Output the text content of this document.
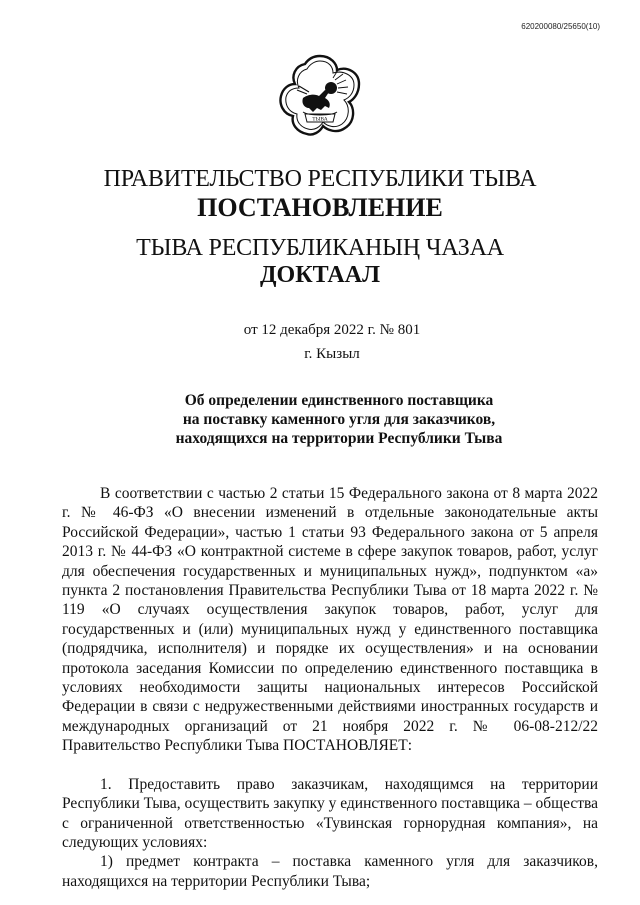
620200080/25650(10)
ТЫВА
ПРАВИТЕЛЬСТВО РЕСПУБЛИКИ ТЫВА
ПОСТАНОВЛЕНИЕ
ТЫВА РЕСПУБЛИКАНЫҢ ЧАЗАА
ДОКТААЛ
от 12 декабря 2022 г. № 801
г. Кызыл
Об определении единственного поставщика
на поставку каменного угля для заказчиков,
находящихся на территории Республики Тыва

В соответствии с частью 2 статьи 15 Федерального закона от 8 марта 2022 г. № 46-ФЗ «О внесении изменений в отдельные законодательные акты Российской Федерации», частью 1 статьи 93 Федерального закона от 5 апреля 2013 г. № 44-ФЗ «О контрактной системе в сфере закупок товаров, работ, услуг для обеспечения государственных и муниципальных нужд», подпунктом «а» пункта 2 постановления Правительства Республики Тыва от 18 марта 2022 г. № 119 «О случаях осуществления закупок товаров, работ, услуг для государственных и (или) муниципальных нужд у единственного поставщика (подрядчика, исполнителя) и порядке их осуществления» и на основании протокола заседания Комиссии по определению единственного поставщика в условиях необходимости защиты национальных интересов Российской Федерации в связи с недружественными действиями иностранных государств и международных организаций от 21 ноября 2022 г. № 06-08-212/22 Правительство Республики Тыва ПОСТАНОВЛЯЕТ:

1. Предоставить право заказчикам, находящимся на территории Республики Тыва, осуществить закупку у единственного поставщика – общества с ограниченной ответственностью «Тувинская горнорудная компания», на следующих условиях:

1) предмет контракта – поставка каменного угля для заказчиков, находящихся на территории Республики Тыва;
